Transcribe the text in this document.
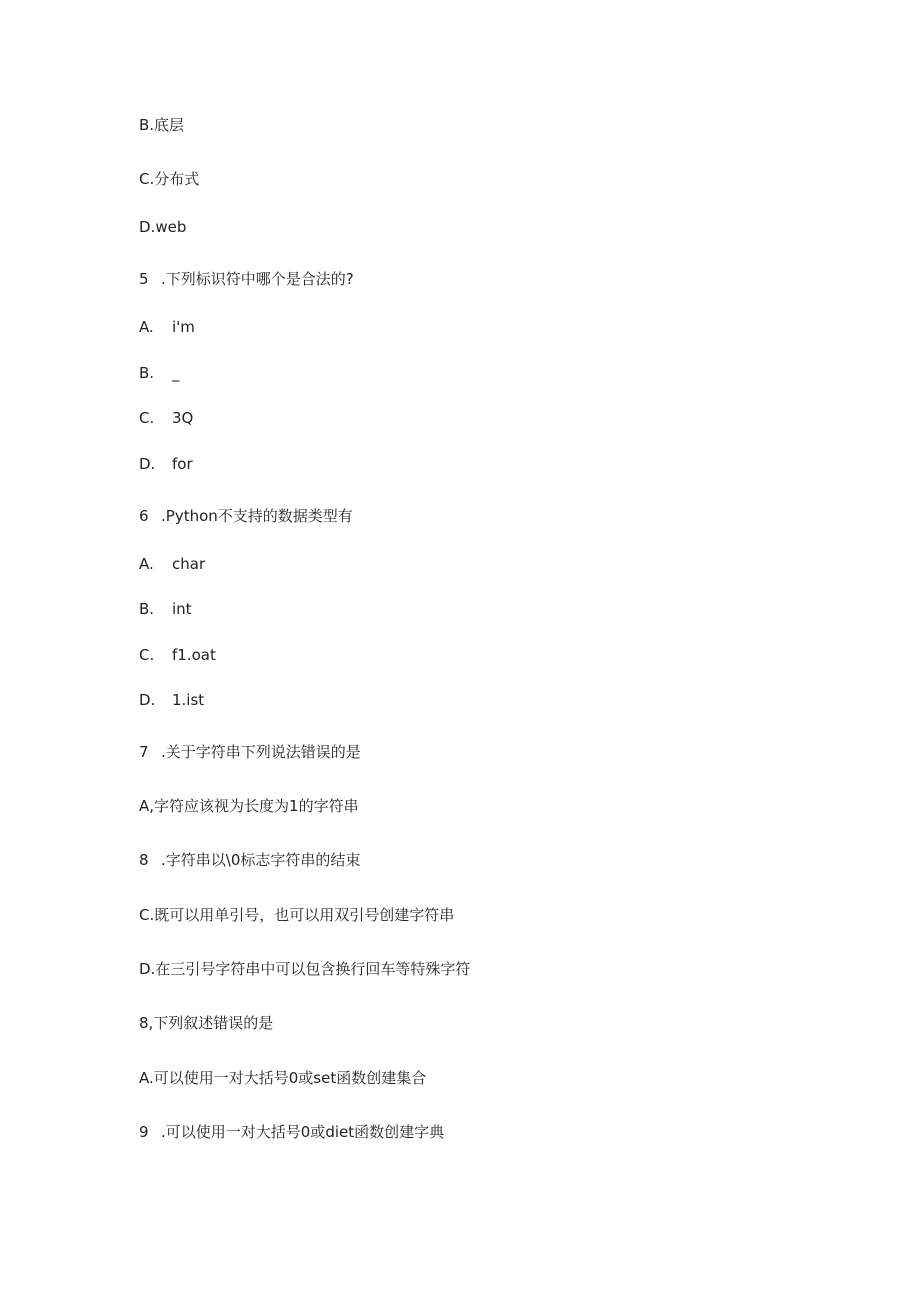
B.底层
C.分布式
D.web
5 .下列标识符中哪个是合法的?
A. i'm
B. _
C. 3Q
D. for
6 .Python不支持的数据类型有
A. char
B. int
C. f1.oat
D. 1.ist
7 .关于字符串下列说法错误的是
A,字符应该视为长度为1的字符串
8 .字符串以\0标志字符串的结束
C.既可以用单引号，也可以用双引号创建字符串
D.在三引号字符串中可以包含换行回车等特殊字符
8,下列叙述错误的是
A.可以使用一对大括号0或set函数创建集合
9 .可以使用一对大括号0或diet函数创建字典
